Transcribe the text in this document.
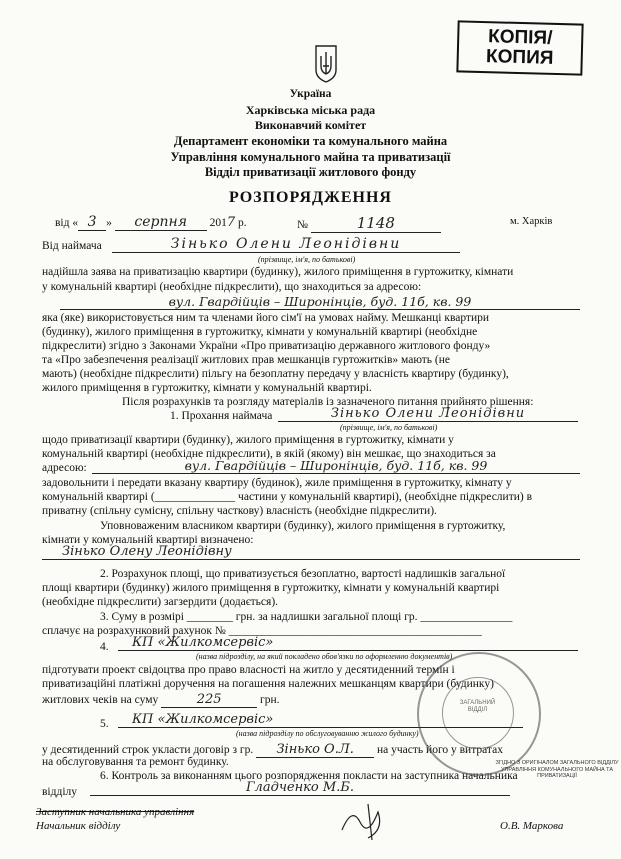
КОПІЯ/
КОПИЯ
Україна
Харківська міська рада
Виконавчий комітет
Департамент економіки та комунального майна
Управління комунального майна та приватизації
Відділ приватизації житлового фонду
РОЗПОРЯДЖЕННЯ
від « 3 » серпня 2017 р.	№	1148	м. Харків
Від наймача	Зінько Олени Леонідівни
(прізвище, ім'я, по батькові)
надійшла заява на приватизацію квартири (будинку), жилого приміщення в гуртожитку, кімнати
у комунальній квартирі (необхідне підкреслити), що знаходиться за адресою:
вул. Гвардійців – Широнінців, буд. 11б, кв. 99
яка (яке) використовується ним та членами його сім'ї на умовах найму. Мешканці квартири
(будинку), жилого приміщення в гуртожитку, кімнати у комунальній квартирі (необхідне
підкреслити) згідно з Законами України «Про приватизацію державного житлового фонду»
та «Про забезпечення реалізації житлових прав мешканців гуртожитків» мають (не
мають) (необхідне підкреслити) пільгу на безоплатну передачу у власність квартиру (будинку),
жилого приміщення в гуртожитку, кімнати у комунальній квартирі.
Після розрахунків та розгляду матеріалів із зазначеного питання прийнято рішення:
1. Прохання наймача	Зінько Олени Леонідівни
(прізвище, ім'я, по батькові)
щодо приватизації квартири (будинку), жилого приміщення в гуртожитку, кімнати у
комунальній квартирі (необхідне підкреслити), в якій (якому) він мешкає, що знаходиться за
адресою:	вул. Гвардійців – Широнінців, буд. 11б, кв. 99
задовольнити і передати вказану квартиру (будинок), жиле приміщення в гуртожитку, кімнату у
комунальній квартирі (______________ частини у комунальній квартирі), (необхідне підкреслити) в
приватну (спільну сумісну, спільну часткову) власність (необхідне підкреслити).
Уповноваженим власником квартири (будинку), жилого приміщення в гуртожитку,
кімнати у комунальній квартирі визначено:
Зінько Олену Леонідівну
2. Розрахунок площі, що приватизується безоплатно, вартості надлишків загальної
площі квартири (будинку) жилого приміщення в гуртожитку, кімнати у комунальній квартирі
(необхідне підкреслити) загзердити (додається).
3. Суму в розмірі ________ грн. за надлишки загальної площі гр. ________________
сплачує на розрахунковий рахунок № ____________________________________________
4.	КП «Жилкомсервіс»
(назва підрозділу, на який покладено обов'язки по оформленню документів)
підготувати проект свідоцтва про право власності на житло у десятиденний термін і
приватизаційні платіжні доручення на погашення належних мешканцям квартири (будинку)
житлових чеків на суму	225	грн.
5.	КП «Жилкомсервіс»
(назва підрозділу по обслуговуванню жилого будинку)
у десятиденний строк укласти договір з гр. Зінько О.Л. на участь його у витратах
на обслуговування та ремонт будинку.
6. Контроль за виконанням цього розпорядження покласти на заступника начальника
відділу	Гладченко М.Б.
Заступник начальника управління
Начальник відділу	О.В. Маркова
ЗАГАЛЬНИЙ ВІДДІЛ
ЗГІДНО З ОРИГІНАЛОМ ЗАГАЛЬНОГО ВІДДІЛУ УПРАВЛІННЯ КОМУНАЛЬНОГО МАЙНА ТА ПРИВАТИЗАЦІЇ
